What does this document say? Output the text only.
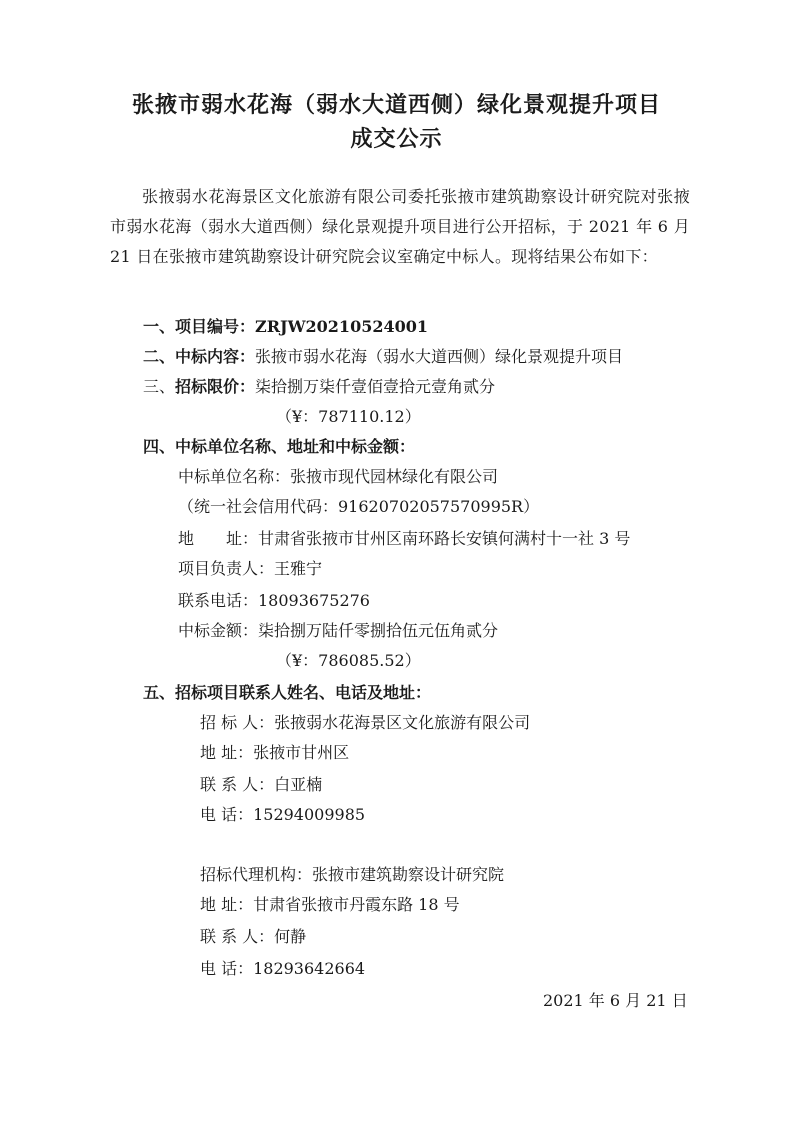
张掖市弱水花海（弱水大道西侧）绿化景观提升项目
成交公示
张掖弱水花海景区文化旅游有限公司委托张掖市建筑勘察设计研究院对张掖市弱水花海（弱水大道西侧）绿化景观提升项目进行公开招标，于 2021 年 6 月 21 日在张掖市建筑勘察设计研究院会议室确定中标人。现将结果公布如下：
一、项目编号：ZRJW20210524001
二、中标内容：张掖市弱水花海（弱水大道西侧）绿化景观提升项目
三、招标限价：柒拾捌万柒仟壹佰壹拾元壹角贰分
（¥：787110.12）
四、中标单位名称、地址和中标金额：
中标单位名称：张掖市现代园林绿化有限公司
（统一社会信用代码：91620702057570995R）
地　　址：甘肃省张掖市甘州区南环路长安镇何满村十一社 3 号
项目负责人：王雅宁
联系电话：18093675276
中标金额：柒拾捌万陆仟零捌拾伍元伍角贰分
（¥：786085.52）
五、招标项目联系人姓名、电话及地址：
招 标 人：张掖弱水花海景区文化旅游有限公司
地 址：张掖市甘州区
联 系 人：白亚楠
电 话：15294009985
招标代理机构：张掖市建筑勘察设计研究院
地 址：甘肃省张掖市丹霞东路 18 号
联 系 人：何静
电 话：18293642664
2021 年 6 月 21 日
